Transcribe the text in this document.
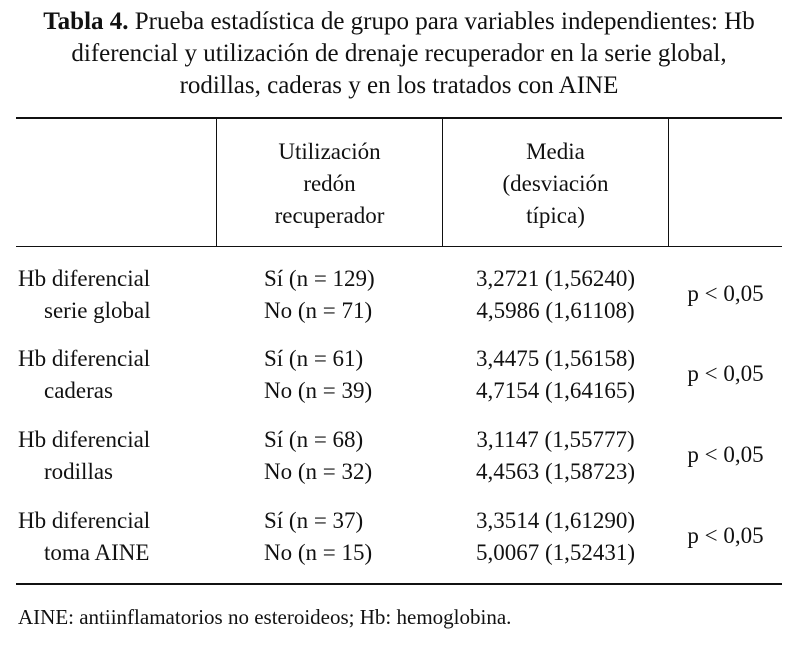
Tabla 4. Prueba estadística de grupo para variables independientes: Hb
diferencial y utilización de drenaje recuperador en la serie global,
rodillas, caderas y en los tratados con AINE
Utilización
redón
recuperador
Media
(desviación
típica)
Hb diferencial
serie global
Sí (n = 129)
No (n = 71)
3,2721 (1,56240)
4,5986 (1,61108)
p < 0,05
Hb diferencial
caderas
Sí (n = 61)
No (n = 39)
3,4475 (1,56158)
4,7154 (1,64165)
p < 0,05
Hb diferencial
rodillas
Sí (n = 68)
No (n = 32)
3,1147 (1,55777)
4,4563 (1,58723)
p < 0,05
Hb diferencial
toma AINE
Sí (n = 37)
No (n = 15)
3,3514 (1,61290)
5,0067 (1,52431)
p < 0,05
AINE: antiinflamatorios no esteroideos; Hb: hemoglobina.
